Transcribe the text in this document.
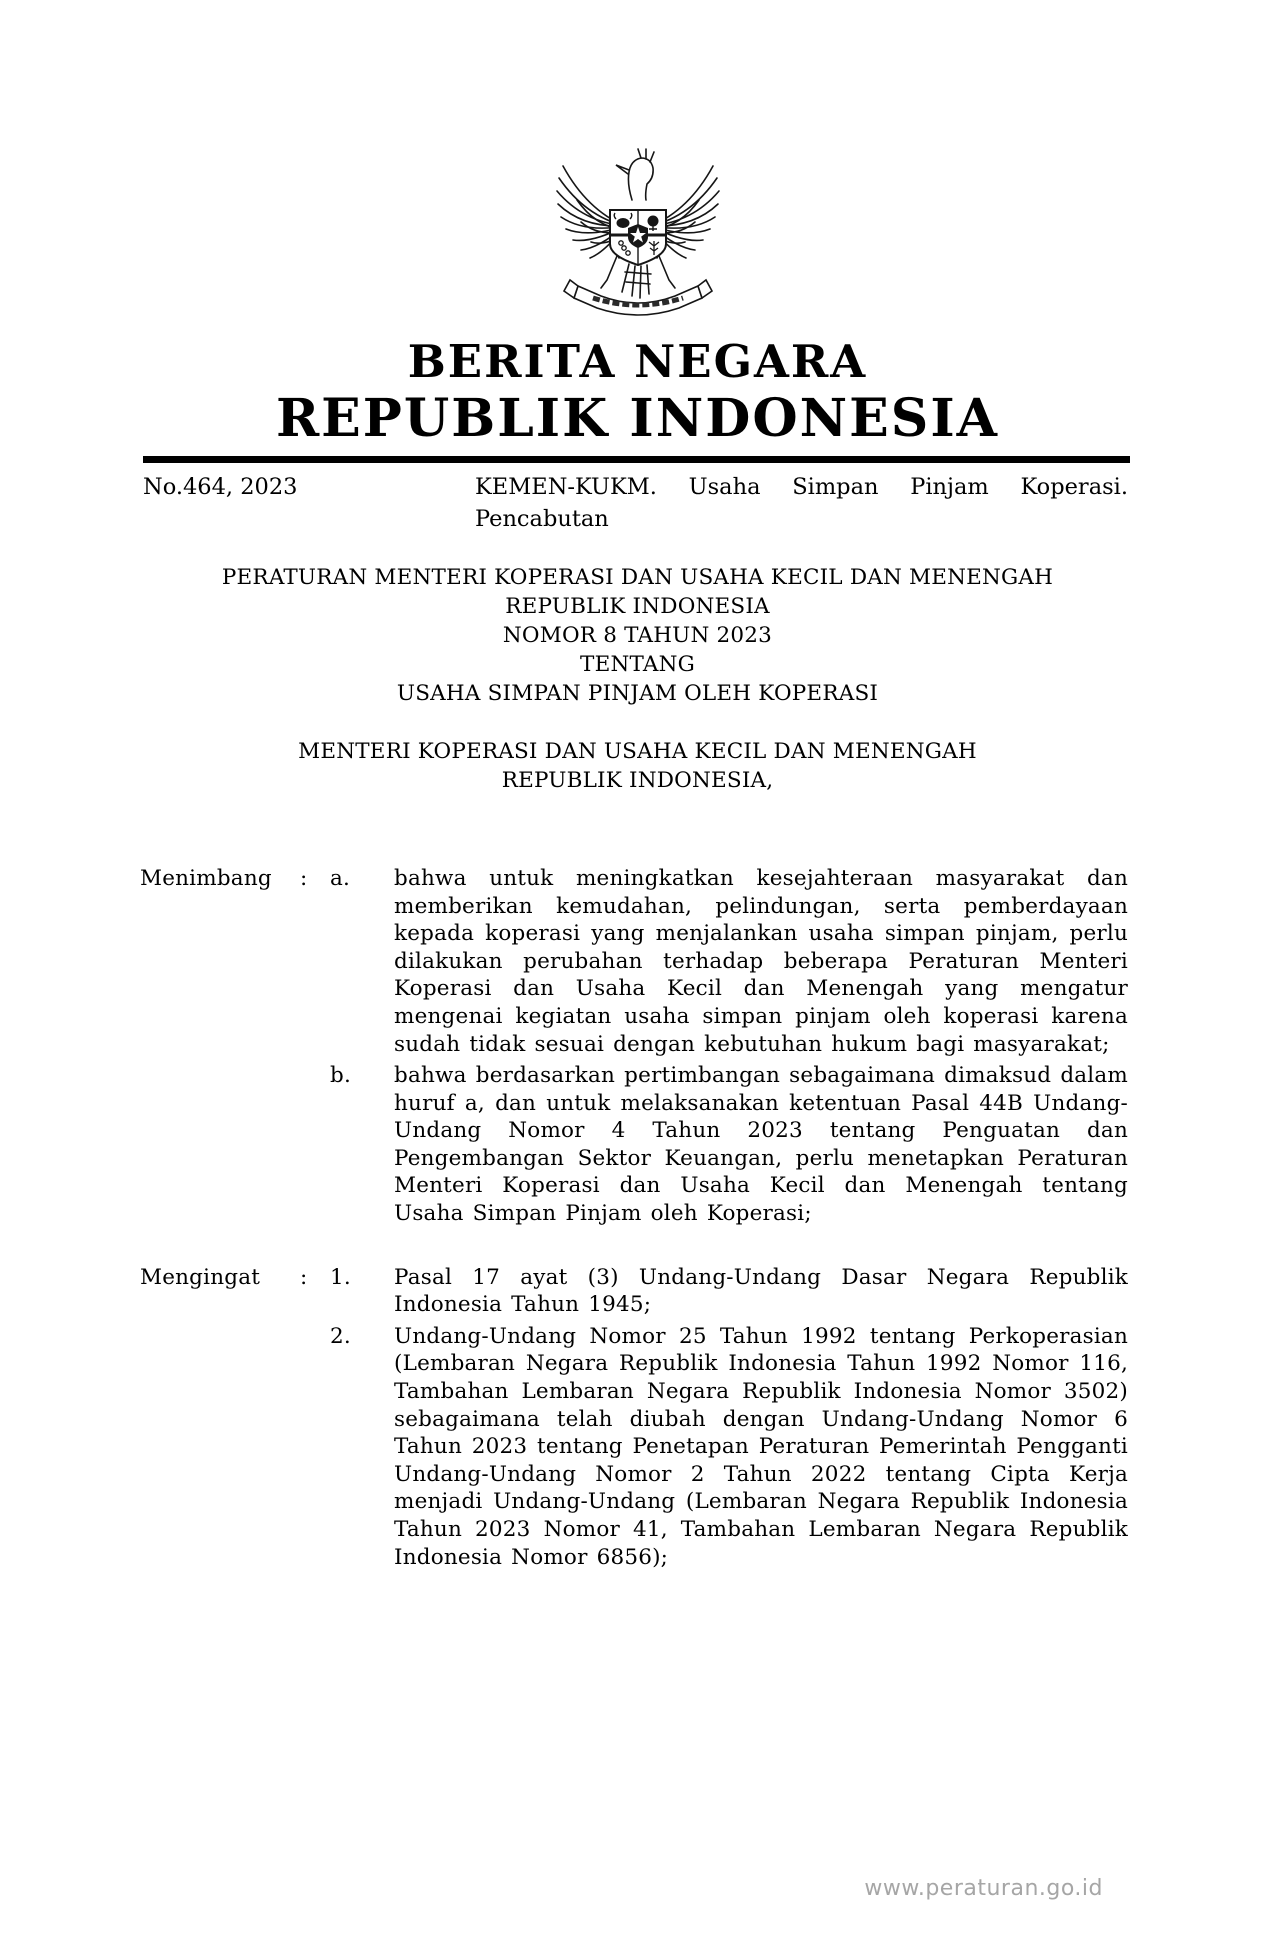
BERITA NEGARA
REPUBLIK INDONESIA
No.464, 2023	KEMEN-KUKM. Usaha Simpan Pinjam Koperasi.
Pencabutan
PERATURAN MENTERI KOPERASI DAN USAHA KECIL DAN MENENGAH
REPUBLIK INDONESIA
NOMOR 8 TAHUN 2023
TENTANG
USAHA SIMPAN PINJAM OLEH KOPERASI
MENTERI KOPERASI DAN USAHA KECIL DAN MENENGAH
REPUBLIK INDONESIA,
Menimbang	:	a.	bahwa untuk meningkatkan kesejahteraan masyarakat dan memberikan kemudahan, pelindungan, serta pemberdayaan kepada koperasi yang menjalankan usaha simpan pinjam, perlu dilakukan perubahan terhadap beberapa Peraturan Menteri Koperasi dan Usaha Kecil dan Menengah yang mengatur mengenai kegiatan usaha simpan pinjam oleh koperasi karena sudah tidak sesuai dengan kebutuhan hukum bagi masyarakat;
b.	bahwa berdasarkan pertimbangan sebagaimana dimaksud dalam huruf a, dan untuk melaksanakan ketentuan Pasal 44B Undang-Undang Nomor 4 Tahun 2023 tentang Penguatan dan Pengembangan Sektor Keuangan, perlu menetapkan Peraturan Menteri Koperasi dan Usaha Kecil dan Menengah tentang Usaha Simpan Pinjam oleh Koperasi;
Mengingat	:	1.	Pasal 17 ayat (3) Undang-Undang Dasar Negara Republik Indonesia Tahun 1945;
2.	Undang-Undang Nomor 25 Tahun 1992 tentang Perkoperasian (Lembaran Negara Republik Indonesia Tahun 1992 Nomor 116, Tambahan Lembaran Negara Republik Indonesia Nomor 3502) sebagaimana telah diubah dengan Undang-Undang Nomor 6 Tahun 2023 tentang Penetapan Peraturan Pemerintah Pengganti Undang-Undang Nomor 2 Tahun 2022 tentang Cipta Kerja menjadi Undang-Undang (Lembaran Negara Republik Indonesia Tahun 2023 Nomor 41, Tambahan Lembaran Negara Republik Indonesia Nomor 6856);
www.peraturan.go.id
